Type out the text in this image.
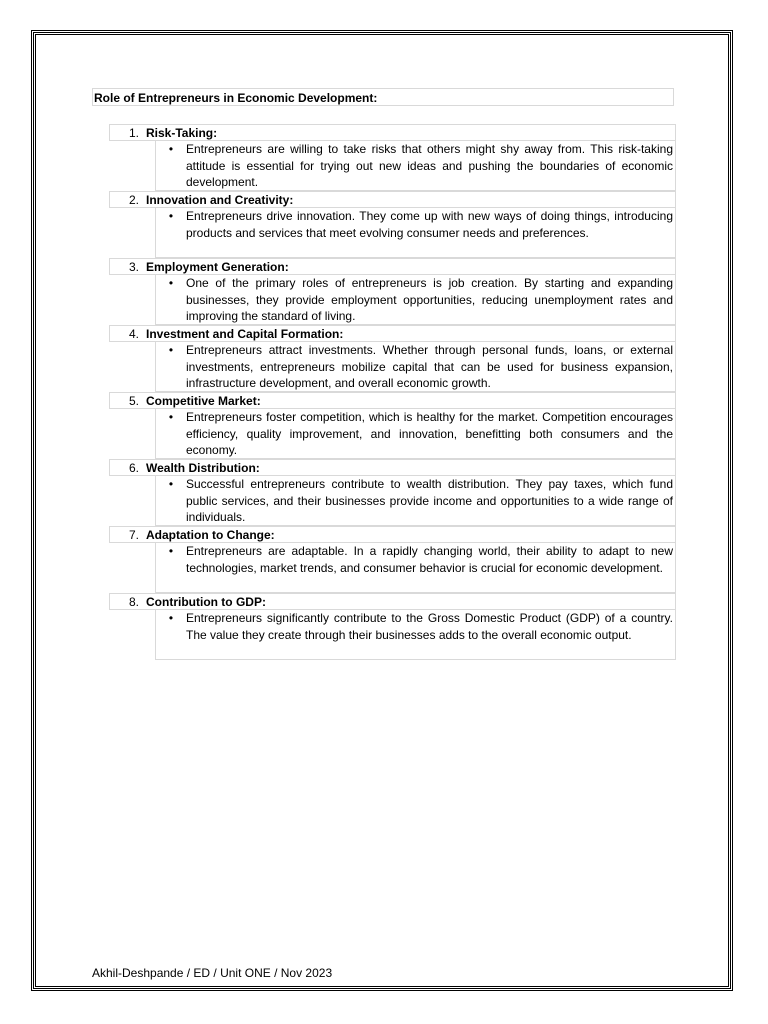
Role of Entrepreneurs in Economic Development:
1. Risk-Taking:
•	Entrepreneurs are willing to take risks that others might shy away from. This risk-taking attitude is essential for trying out new ideas and pushing the boundaries of economic development.
2. Innovation and Creativity:
•	Entrepreneurs drive innovation. They come up with new ways of doing things, introducing products and services that meet evolving consumer needs and preferences.
3. Employment Generation:
•	One of the primary roles of entrepreneurs is job creation. By starting and expanding businesses, they provide employment opportunities, reducing unemployment rates and improving the standard of living.
4. Investment and Capital Formation:
•	Entrepreneurs attract investments. Whether through personal funds, loans, or external investments, entrepreneurs mobilize capital that can be used for business expansion, infrastructure development, and overall economic growth.
5. Competitive Market:
•	Entrepreneurs foster competition, which is healthy for the market. Competition encourages efficiency, quality improvement, and innovation, benefitting both consumers and the economy.
6. Wealth Distribution:
•	Successful entrepreneurs contribute to wealth distribution. They pay taxes, which fund public services, and their businesses provide income and opportunities to a wide range of individuals.
7. Adaptation to Change:
•	Entrepreneurs are adaptable. In a rapidly changing world, their ability to adapt to new technologies, market trends, and consumer behavior is crucial for economic development.
8. Contribution to GDP:
•	Entrepreneurs significantly contribute to the Gross Domestic Product (GDP) of a country. The value they create through their businesses adds to the overall economic output.
Akhil-Deshpande / ED / Unit ONE / Nov 2023
